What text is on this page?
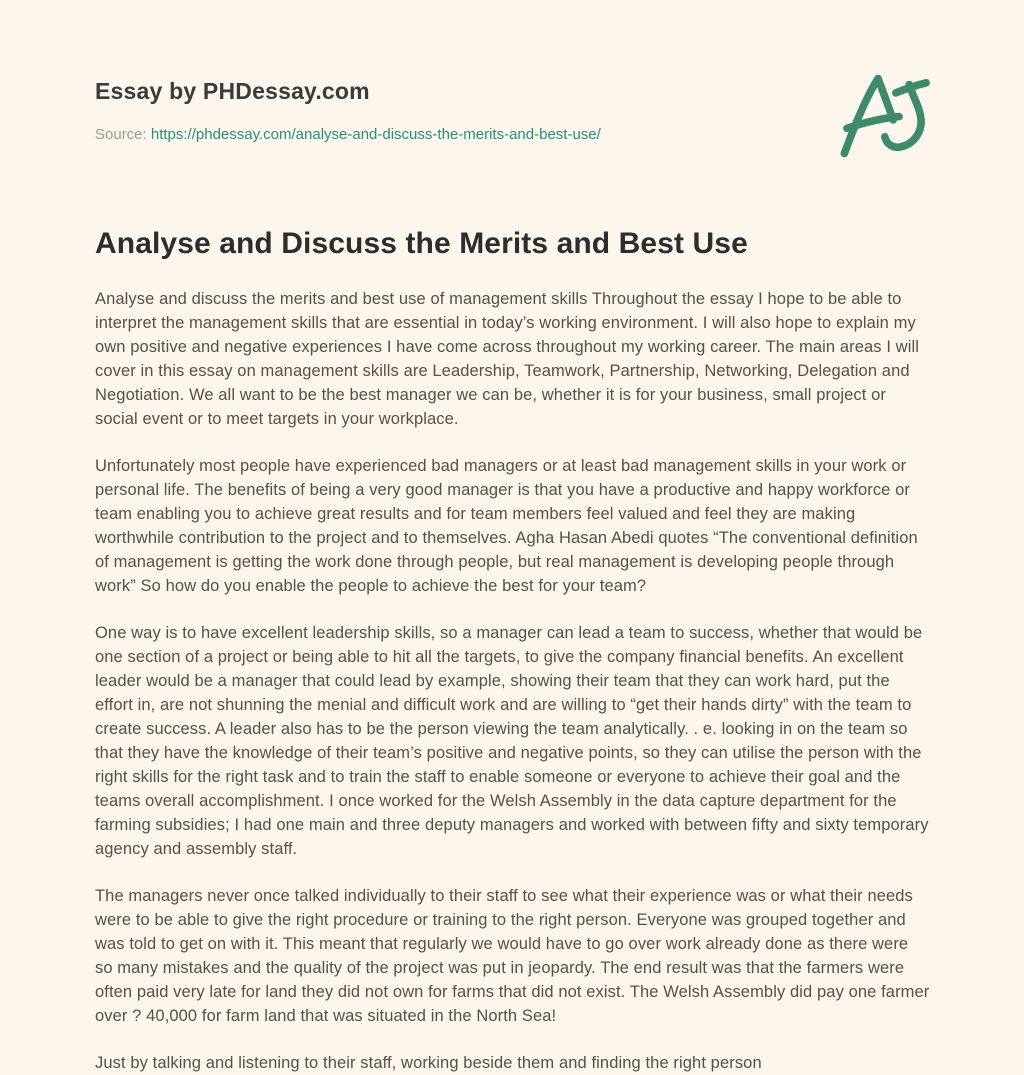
Essay by PHDessay.com

Source: https://phdessay.com/analyse-and-discuss-the-merits-and-best-use/

Analyse and Discuss the Merits and Best Use

Analyse and discuss the merits and best use of management skills Throughout the essay I hope to be able to interpret the management skills that are essential in today’s working environment. I will also hope to explain my own positive and negative experiences I have come across throughout my working career. The main areas I will cover in this essay on management skills are Leadership, Teamwork, Partnership, Networking, Delegation and Negotiation. We all want to be the best manager we can be, whether it is for your business, small project or social event or to meet targets in your workplace.

Unfortunately most people have experienced bad managers or at least bad management skills in your work or personal life. The benefits of being a very good manager is that you have a productive and happy workforce or team enabling you to achieve great results and for team members feel valued and feel they are making worthwhile contribution to the project and to themselves. Agha Hasan Abedi quotes “The conventional definition of management is getting the work done through people, but real management is developing people through work” So how do you enable the people to achieve the best for your team?

One way is to have excellent leadership skills, so a manager can lead a team to success, whether that would be one section of a project or being able to hit all the targets, to give the company financial benefits. An excellent leader would be a manager that could lead by example, showing their team that they can work hard, put the effort in, are not shunning the menial and difficult work and are willing to “get their hands dirty” with the team to create success. A leader also has to be the person viewing the team analytically. . e. looking in on the team so that they have the knowledge of their team’s positive and negative points, so they can utilise the person with the right skills for the right task and to train the staff to enable someone or everyone to achieve their goal and the teams overall accomplishment. I once worked for the Welsh Assembly in the data capture department for the farming subsidies; I had one main and three deputy managers and worked with between fifty and sixty temporary agency and assembly staff.

The managers never once talked individually to their staff to see what their experience was or what their needs were to be able to give the right procedure or training to the right person. Everyone was grouped together and was told to get on with it. This meant that regularly we would have to go over work already done as there were so many mistakes and the quality of the project was put in jeopardy. The end result was that the farmers were often paid very late for land they did not own for farms that did not exist. The Welsh Assembly did pay one farmer over ? 40,000 for farm land that was situated in the North Sea!

Just by talking and listening to their staff, working beside them and finding the right person
